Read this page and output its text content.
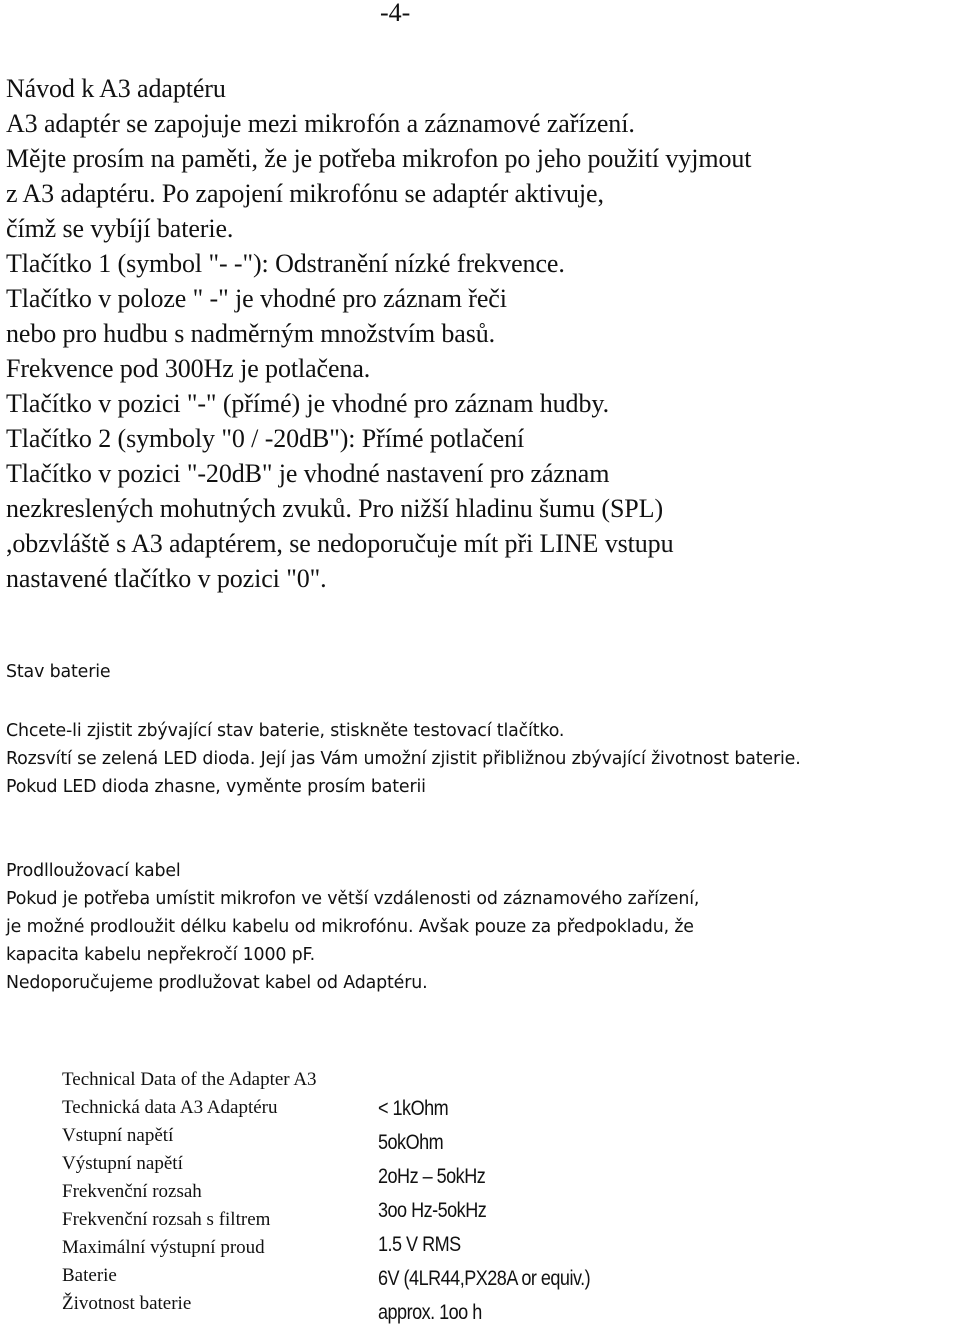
-4-
Návod k A3 adaptéru
A3 adaptér se zapojuje mezi mikrofón a záznamové zařízení.
Mějte prosím na paměti, že je potřeba mikrofon po jeho použití vyjmout
z A3 adaptéru. Po zapojení mikrofónu se adaptér aktivuje,
čímž se vybíjí baterie.
Tlačítko 1 (symbol "- -"): Odstranění nízké frekvence.
Tlačítko v poloze " -" je vhodné pro záznam řeči
nebo pro hudbu s nadměrným množstvím basů.
Frekvence pod 300Hz je potlačena.
Tlačítko v pozici "-" (přímé) je vhodné pro záznam hudby.
Tlačítko 2 (symboly "0 / -20dB"): Přímé potlačení
Tlačítko v pozici "-20dB" je vhodné nastavení pro záznam
nezkreslených mohutných zvuků. Pro nižší hladinu šumu (SPL)
,obzvláště s A3 adaptérem, se nedoporučuje mít při LINE vstupu
nastavené tlačítko v pozici "0".
Stav baterie
Chcete-li zjistit zbývající stav baterie, stiskněte testovací tlačítko.
Rozsvítí se zelená LED dioda. Její jas Vám umožní zjistit přibližnou zbývající životnost baterie.
Pokud LED dioda zhasne, vyměnte prosím baterii
Prodlloužovací kabel
Pokud je potřeba umístit mikrofon ve větší vzdálenosti od záznamového zařízení,
je možné prodloužit délku kabelu od mikrofónu. Avšak pouze za předpokladu, že
kapacita kabelu nepřekročí 1000 pF.
Nedoporučujeme prodlužovat kabel od Adaptéru.
Technical Data of the Adapter A3
Technická data A3 Adaptéru
Vstupní napětí
Výstupní napětí
Frekvenční rozsah
Frekvenční rozsah s filtrem
Maximální výstupní proud
Baterie
Životnost baterie
< 1kOhm
5okOhm
2oHz – 5okHz
3oo Hz-5okHz
1.5 V RMS
6V (4LR44,PX28A or equiv.)
approx. 1oo h
